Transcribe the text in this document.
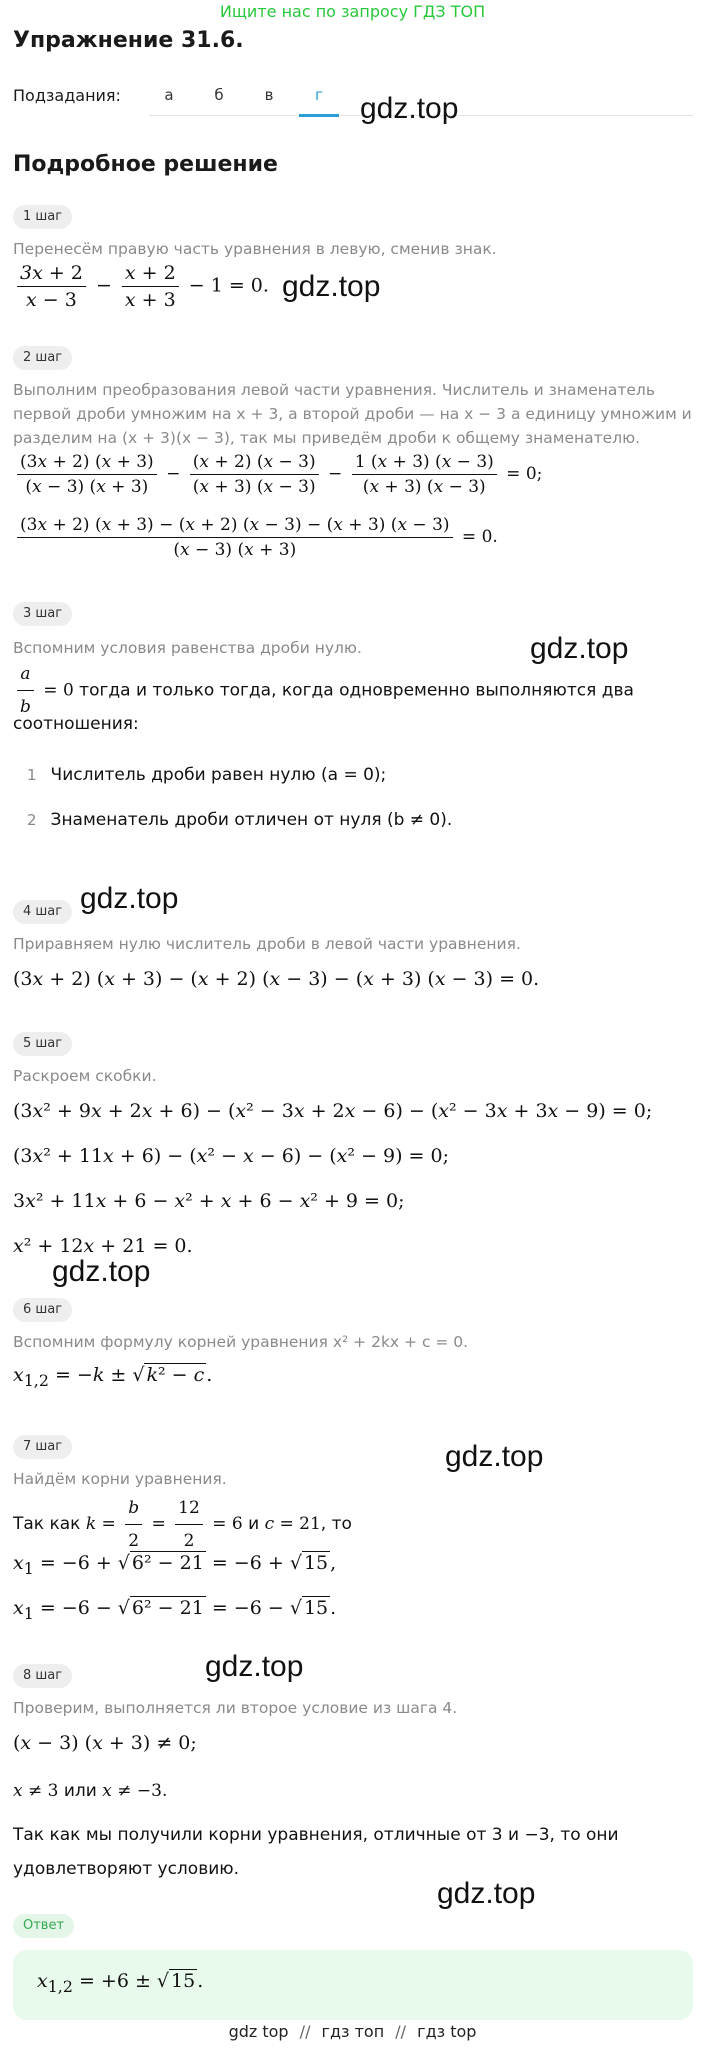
Ищите нас по запросу ГДЗ ТОП
Упражнение 31.6.
Подзадания:	а	б	в	г	gdz.top
Подробное решение
1 шаг
Перенесём правую часть уравнения в левую, сменив знак.
$\frac{3x + 2}{x - 3} - \frac{x + 2}{x + 3} - 1 = 0$. gdz.top
2 шаг
Выполним преобразования левой части уравнения. Числитель и знаменатель первой дроби умножим на x + 3, а второй дроби — на x − 3 а единицу умножим и разделим на (x + 3)(x − 3), так мы приведём дроби к общему знаменателю.
$\frac{(3x + 2) (x + 3)}{(x - 3) (x + 3)} - \frac{(x + 2) (x - 3)}{(x + 3) (x - 3)} - \frac{1 (x + 3) (x - 3)}{(x + 3) (x - 3)} = 0$;
$\frac{(3x + 2) (x + 3) - (x + 2) (x - 3) - (x + 3) (x - 3)}{(x - 3) (x + 3)} = 0$.
3 шаг
Вспомним условия равенства дроби нулю.	gdz.top
$\frac{a}{b} = 0$ тогда и только тогда, когда одновременно выполняются два
соотношения:
1 Числитель дроби равен нулю (a = 0);
2 Знаменатель дроби отличен от нуля (b ≠ 0).
gdz.top
4 шаг
Приравняем нулю числитель дроби в левой части уравнения.
(3x + 2) (x + 3) − (x + 2) (x − 3) − (x + 3) (x − 3) = 0.
5 шаг
Раскроем скобки.
(3x² + 9x + 2x + 6) − (x² − 3x + 2x − 6) − (x² − 3x + 3x − 9) = 0;
(3x² + 11x + 6) − (x² − x − 6) − (x² − 9) = 0;
3x² + 11x + 6 − x² + x + 6 − x² + 9 = 0;
x² + 12x + 21 = 0.
gdz.top
6 шаг
Вспомним формулу корней уравнения x² + 2kx + c = 0.
$x_{1,2} = -k$ ± √ k² − c .
gdz.top
7 шаг
Найдём корни уравнения.
Так как $k = \frac{b}{2} = \frac{12}{2} = 6$ и c = 21, то
$x_1 = -6$ + √ 6² − 21 = −6 + √ 15 ,
$x_1 = -6$ − √ 6² − 21 = −6 − √ 15 .
gdz.top
8 шаг
Проверим, выполняется ли второе условие из шага 4.
(x − 3) (x + 3) ≠ 0;
x ≠ 3 или x ≠ −3.
Так как мы получили корни уравнения, отличные от 3 и −3, то они
удовлетворяют условию.
gdz.top
Ответ
$x_{1,2} = +6$ ± √ 15 .
gdz top // гдз топ // гдз top
